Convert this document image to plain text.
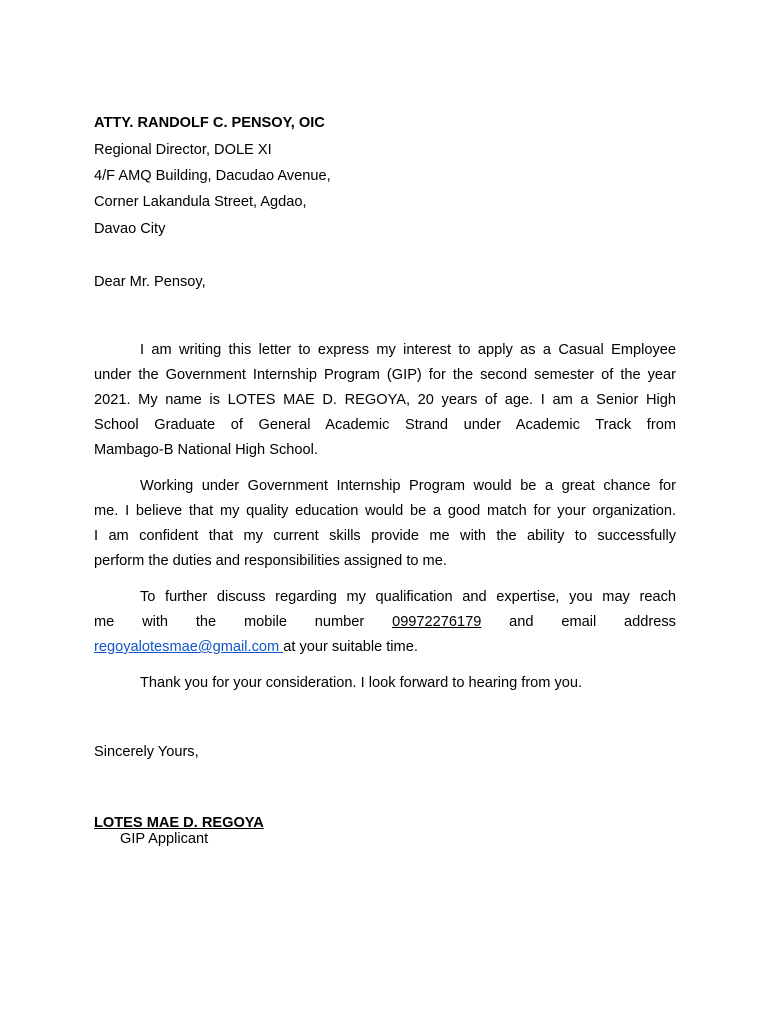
ATTY. RANDOLF C. PENSOY, OIC
Regional Director, DOLE XI
4/F AMQ Building, Dacudao Avenue,
Corner Lakandula Street, Agdao,
Davao City
Dear Mr. Pensoy,
I am writing this letter to express my interest to apply as a Casual Employee
under the Government Internship Program (GIP) for the second semester of the year
2021. My name is LOTES MAE D. REGOYA, 20 years of age. I am a Senior High
School Graduate of General Academic Strand under Academic Track from
Mambago-B National High School.
Working under Government Internship Program would be a great chance for
me. I believe that my quality education would be a good match for your organization.
I am confident that my current skills provide me with the ability to successfully
perform the duties and responsibilities assigned to me.
To further discuss regarding my qualification and expertise, you may reach
me with the mobile number 09972276179 and email address
regoyalotesmae@gmail.com at your suitable time.
Thank you for your consideration. I look forward to hearing from you.
Sincerely Yours,
LOTES MAE D. REGOYA
GIP Applicant
